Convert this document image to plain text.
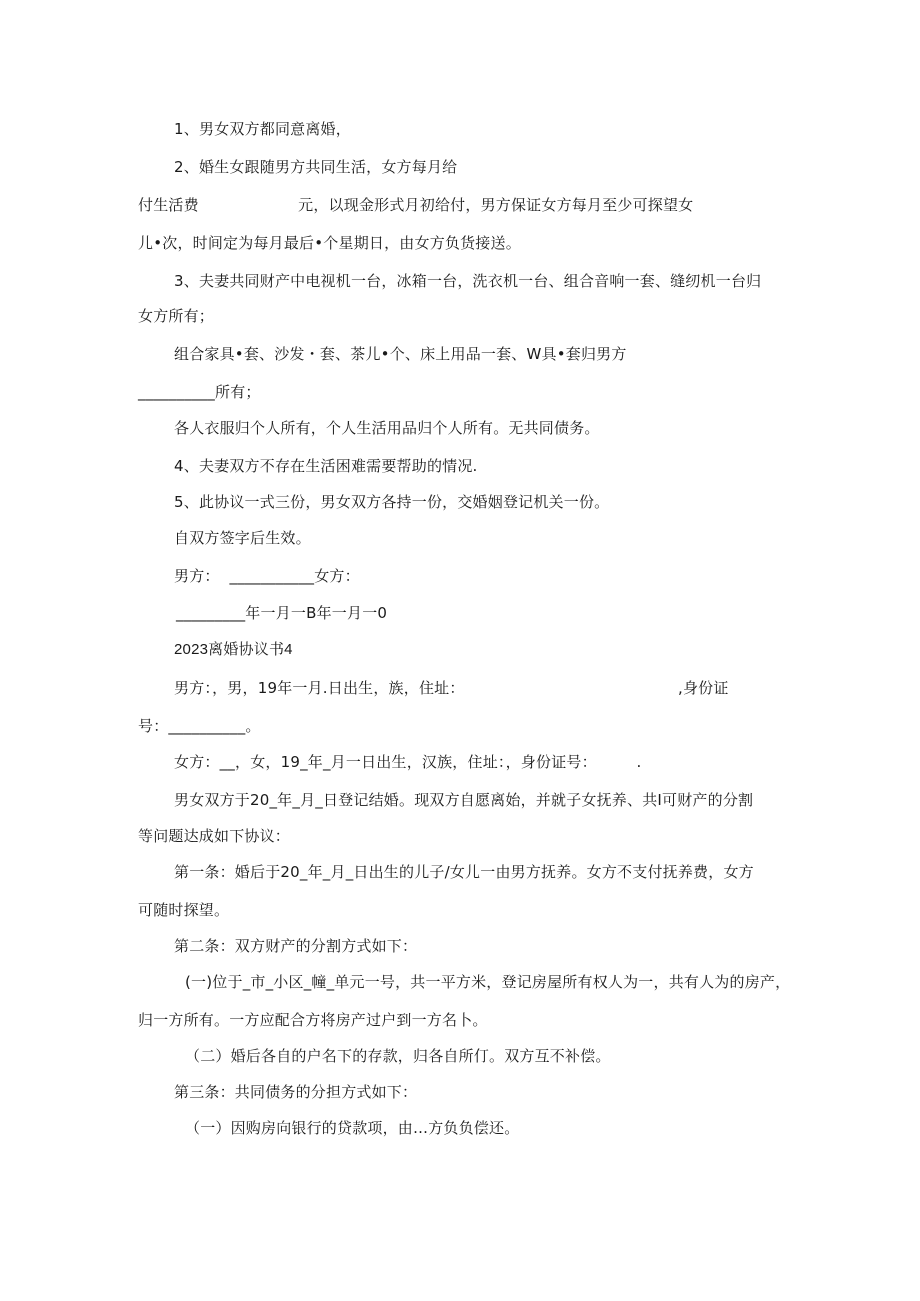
1、男女双方都同意离婚，
2、婚生女跟随男方共同生活，女方每月给
付生活费                    元，以现金形式月初给付，男方保证女方每月至少可探望女
儿•次，时间定为每月最后•个星期日，由女方负货接送。
3、夫妻共同财产中电视机一台，冰箱一台，洗衣机一台、组合音响一套、缝纫机一台归
女方所有；
组合家具•套、沙发・套、茶儿•个、床上用品一套、W具•套归男方
__________所有；
各人衣服归个人所有，个人生活用品归个人所有。无共同债务。
4、夫妻双方不存在生活困难需要帮助的情况.
5、此协议一式三份，男女双方各持一份，交婚姻登记机关一份。
自双方签字后生效。
男方：  ___________女方：
_________年一月一B年一月一0
2023离婚协议书4
男方：，男，19年一月.日出生，族，住址：	,身份证
号：__________。
女方：__，女，19_年_月一日出生，汉族，住址：，身份证号：        .
男女双方于20_年_月_日登记结婚。现双方自愿离始，并就子女抚养、共I可财产的分割
等问题达成如下协议：
第一条：婚后于20_年_月_日出生的儿子/女儿一由男方抚养。女方不支付抚养费，女方
可随时探望。
第二条：双方财产的分割方式如下：
(一)位于_市_小区_幢_单元一号，共一平方米，登记房屋所有权人为一，共有人为的房产，
归一方所有。一方应配合方将房产过户到一方名卜。
（二）婚后各自的户名下的存款，归各自所仃。双方互不补偿。
第三条：共同债务的分担方式如下：
（一）因购房向银行的贷款项，由…方负负偿还。
